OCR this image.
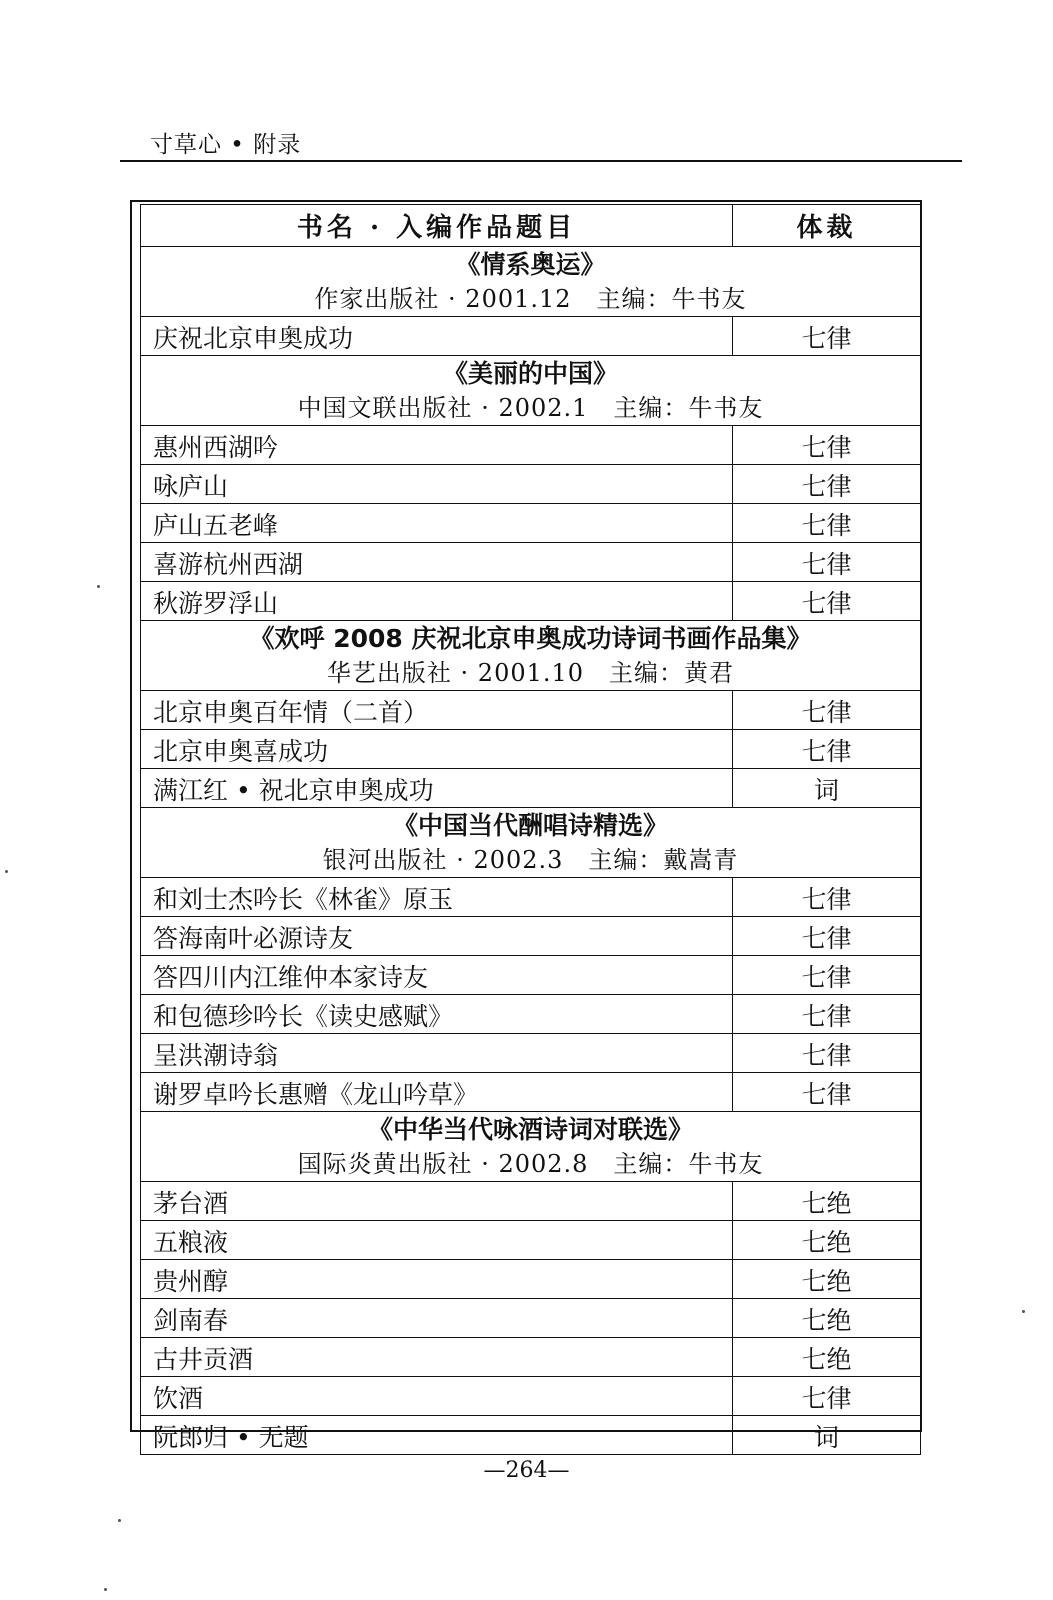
寸草心 • 附录
书名 · 入编作品题目	体裁

《情系奥运》
作家出版社 · 2001.12　主编：牛书友	

庆祝北京申奥成功	七律

《美丽的中国》
中国文联出版社 · 2002.1　主编：牛书友	

惠州西湖吟	七律
咏庐山	七律
庐山五老峰	七律
喜游杭州西湖	七律
秋游罗浮山	七律

《欢呼 2008 庆祝北京申奥成功诗词书画作品集》
华艺出版社 · 2001.10　主编：黄君	

北京申奥百年情（二首）	七律
北京申奥喜成功	七律
满江红 • 祝北京申奥成功	词

《中国当代酬唱诗精选》
银河出版社 · 2002.3　主编：戴嵩青	

和刘士杰吟长《林雀》原玉	七律
答海南叶必源诗友	七律
答四川内江维仲本家诗友	七律
和包德珍吟长《读史感赋》	七律
呈洪潮诗翁	七律
谢罗卓吟长惠赠《龙山吟草》	七律

《中华当代咏酒诗词对联选》
国际炎黄出版社 · 2002.8　主编：牛书友	

茅台酒	七绝
五粮液	七绝
贵州醇	七绝
剑南春	七绝
古井贡酒	七绝
饮酒	七律
阮郎归 • 无题	词
—264—
